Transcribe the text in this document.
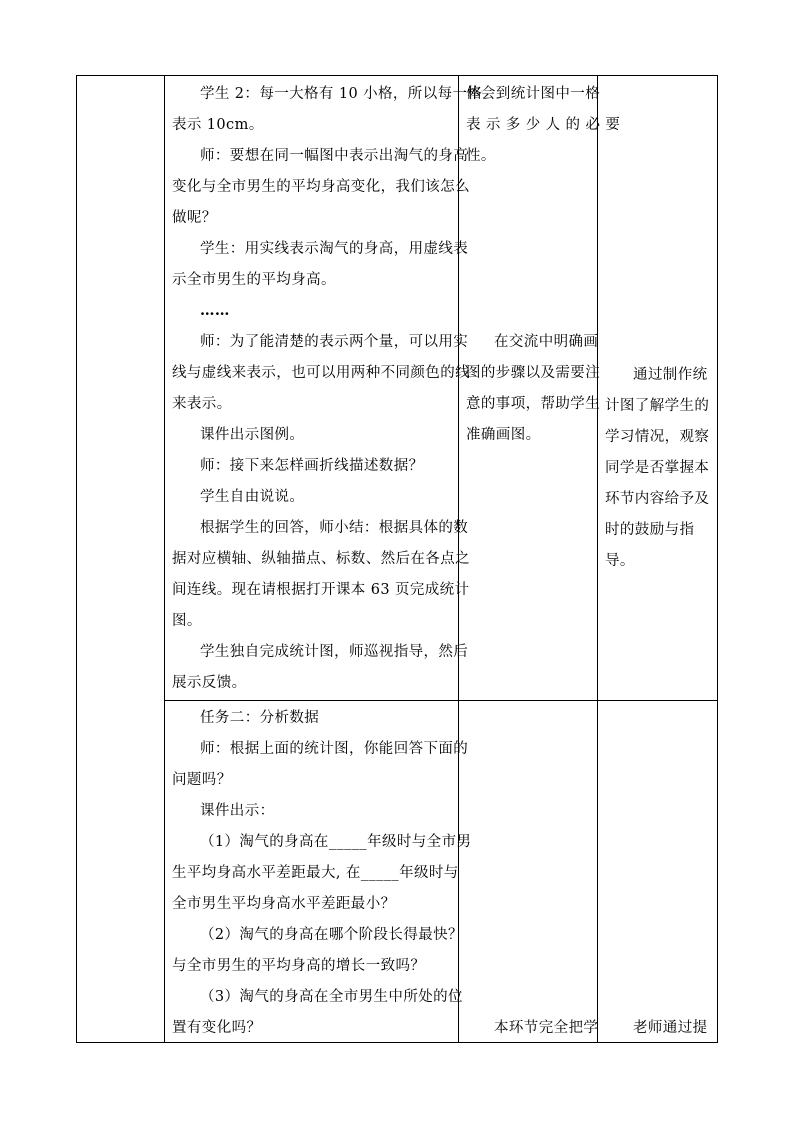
学生 2：每一大格有 10 小格，所以每一格
表示 10cm。
师：要想在同一幅图中表示出淘气的身高
变化与全市男生的平均身高变化，我们该怎么
做呢？
学生：用实线表示淘气的身高，用虚线表
示全市男生的平均身高。
……
师：为了能清楚的表示两个量，可以用实
线与虚线来表示，也可以用两种不同颜色的线
来表示。
课件出示图例。
师：接下来怎样画折线描述数据？
学生自由说说。
根据学生的回答，师小结：根据具体的数
据对应横轴、纵轴描点、标数、然后在各点之
间连线。现在请根据打开课本 63 页完成统计
图。
学生独自完成统计图，师巡视指导，然后
展示反馈。
体会到统计图中一格
表 示 多 少 人 的 必 要
性。
在交流中明确画
图的步骤以及需要注
意的事项，帮助学生
准确画图。
通过制作统
计图了解学生的
学习情况，观察
同学是否掌握本
环节内容给予及
时的鼓励与指
导。
任务二：分析数据
师：根据上面的统计图，你能回答下面的
问题吗？
课件出示：
（1）淘气的身高在_____年级时与全市男
生平均身高水平差距最大, 在_____年级时与
全市男生平均身高水平差距最小？
（2）淘气的身高在哪个阶段长得最快？
与全市男生的平均身高的增长一致吗？
（3）淘气的身高在全市男生中所处的位
置有变化吗？	本环节完全把学 老师通过提
